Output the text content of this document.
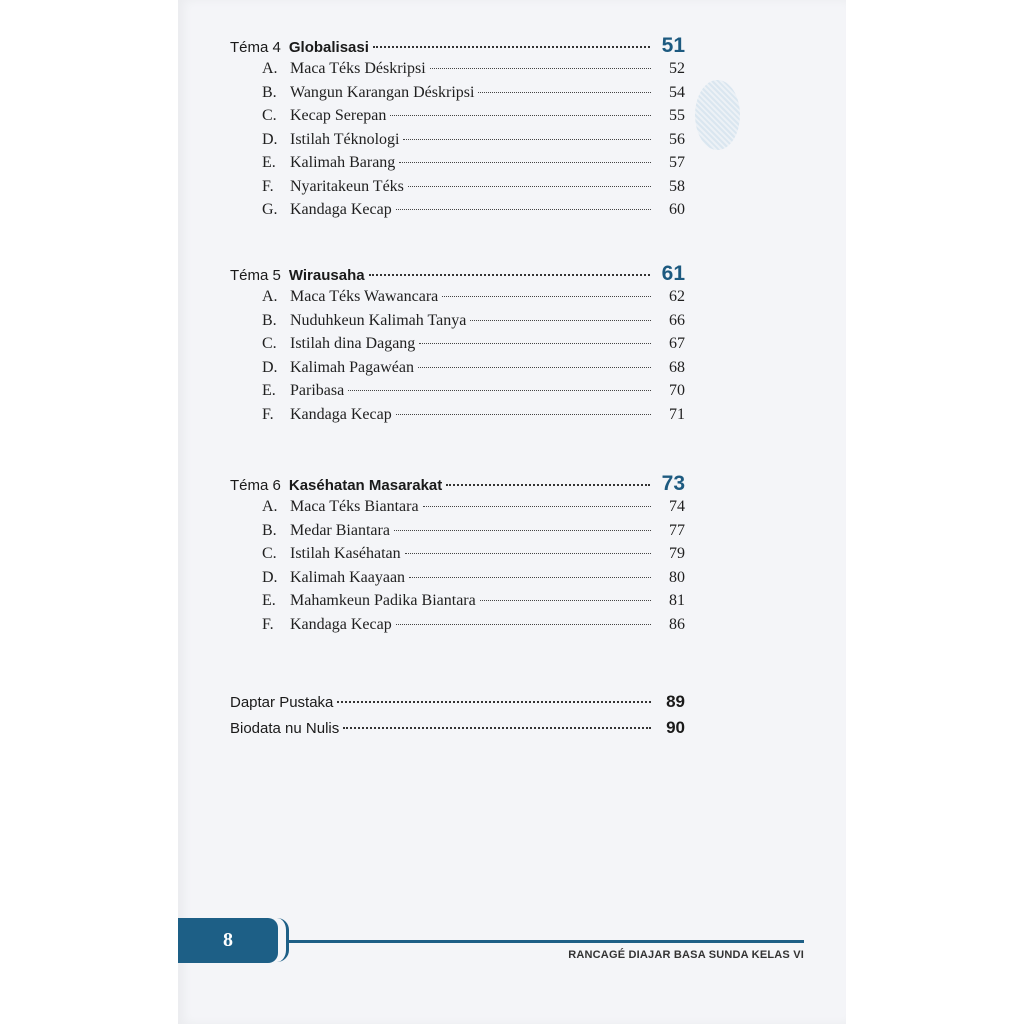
Téma 4 Globalisasi	51
A. Maca Téks Déskripsi	52
B. Wangun Karangan Déskripsi	54
C. Kecap Serepan	55
D. Istilah Téknologi	56
E. Kalimah Barang	57
F.	Nyaritakeun Téks	58
G. Kandaga Kecap	60
Téma 5 Wirausaha	61
A. Maca Téks Wawancara	62
B. Nuduhkeun Kalimah Tanya	66
C. Istilah dina Dagang	67
D. Kalimah Pagawéan	68
E. Paribasa	70
F.	Kandaga Kecap	71
Téma 6 Kaséhatan Masarakat	73
A. Maca Téks Biantara	74
B. Medar Biantara	77
C. Istilah Kaséhatan	79
D. Kalimah Kaayaan	80
E. Mahamkeun Padika Biantara	81
F.	Kandaga Kecap	86
Daptar Pustaka	89
Biodata nu Nulis	90
8
RANCAGÉ DIAJAR BASA SUNDA KELAS VI
